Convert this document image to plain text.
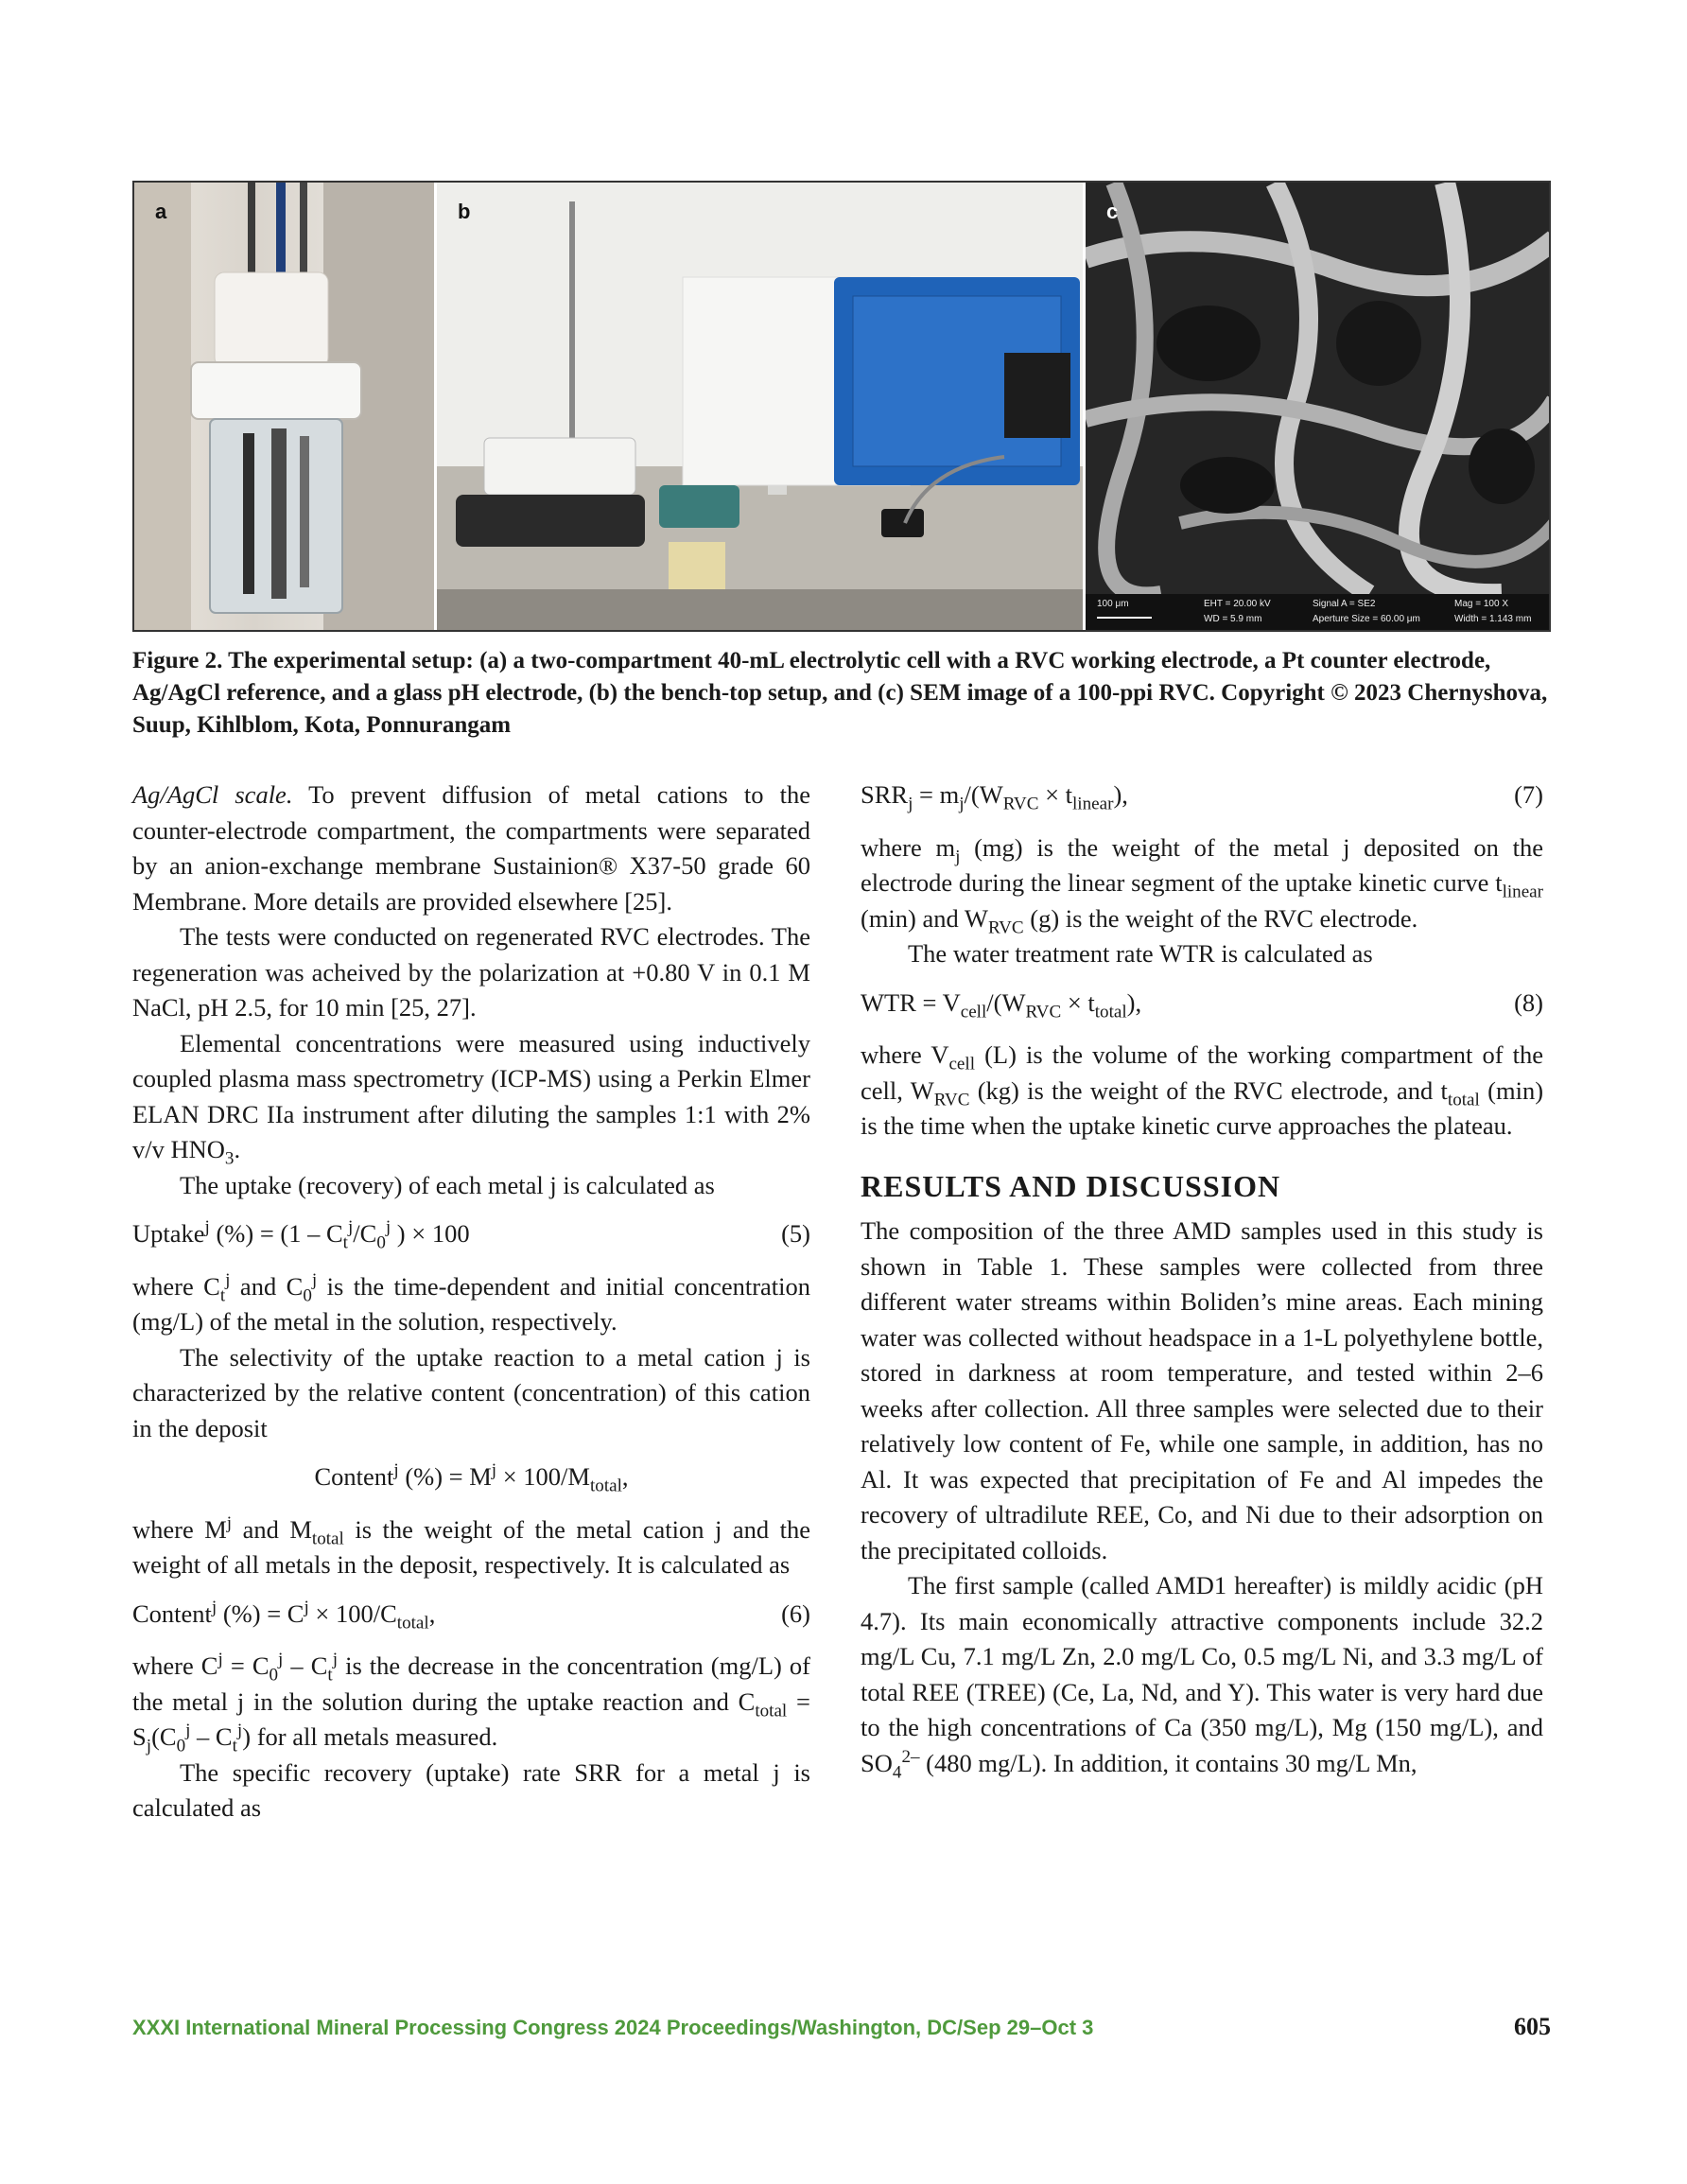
a	b	c
100 μm	EHT = 20.00 kV
WD = 5.9 mm
Signal A = SE2
Aperture Size = 60.00 μm
Mag = 100 X
Width = 1.143 mm
Figure 2. The experimental setup: (a) a two-compartment 40-mL electrolytic cell with a RVC working electrode, a Pt counter electrode, Ag/AgCl reference, and a glass pH electrode, (b) the bench-top setup, and (c) SEM image of a 100-ppi RVC. Copyright © 2023 Chernyshova, Suup, Kihlblom, Kota, Ponnurangam

Ag/AgCl scale. To prevent diffusion of metal cations to the counter-electrode compartment, the compartments were separated by an anion-exchange membrane Sustainion® X37-50 grade 60 Membrane. More details are provided elsewhere [25].

The tests were conducted on regenerated RVC electrodes. The regeneration was acheived by the polarization at +0.80 V in 0.1 M NaCl, pH 2.5, for 10 min [25, 27].

Elemental concentrations were measured using inductively coupled plasma mass spectrometry (ICP-MS) using a Perkin Elmer ELAN DRC IIa instrument after diluting the samples 1:1 with 2% v/v $HNO_3$.

The uptake (recovery) of each metal j is calculated as

Uptake$^j$ (%) = ($1 - C_t^j/C_0^j$ ) × 100	(5)

where $C_t^j$ and $C_0^j$ is the time-dependent and initial concentration (mg/L) of the metal in the solution, respectively.

The selectivity of the uptake reaction to a metal cation j is characterized by the relative content (concentration) of this cation in the deposit

Content$^j$ (%) = $M^j \times 100/M_{total}$,

where $M^j$ and $M_{total}$ is the weight of the metal cation j and the weight of all metals in the deposit, respectively. It is calculated as

Content$^j$ (%) = $C^j \times 100/C_{total}$,	(6)

where $C^j = C_0^j - C_t^j$ is the decrease in the concentration (mg/L) of the metal j in the solution during the uptake reaction and $C_{total} = S_j(C_0^j - C_t^j)$ for all metals measured.

The specific recovery (uptake) rate SRR for a metal j is calculated as

$SRR_j = m_j/(W_{RVC} \times t_{linear})$,	(7)

where $m_j$ (mg) is the weight of the metal j deposited on the electrode during the linear segment of the uptake kinetic curve $t_{linear}$ (min) and $W_{RVC}$ (g) is the weight of the RVC electrode.

The water treatment rate WTR is calculated as

WTR = $V_{cell}/(W_{RVC} \times t_{total})$,	(8)

where $V_{cell}$ (L) is the volume of the working compartment of the cell, $W_{RVC}$ (kg) is the weight of the RVC electrode, and $t_{total}$ (min) is the time when the uptake kinetic curve approaches the plateau.

RESULTS AND DISCUSSION

The composition of the three AMD samples used in this study is shown in Table 1. These samples were collected from three different water streams within Boliden’s mine areas. Each mining water was collected without headspace in a 1-L polyethylene bottle, stored in darkness at room temperature, and tested within 2–6 weeks after collection. All three samples were selected due to their relatively low content of Fe, while one sample, in addition, has no Al. It was expected that precipitation of Fe and Al impedes the recovery of ultradilute REE, Co, and Ni due to their adsorption on the precipitated colloids.

The first sample (called AMD1 hereafter) is mildly acidic (pH 4.7). Its main economically attractive components include 32.2 mg/L Cu, 7.1 mg/L Zn, 2.0 mg/L Co, 0.5 mg/L Ni, and 3.3 mg/L of total REE (TREE) (Ce, La, Nd, and Y). This water is very hard due to the high concentrations of Ca (350 mg/L), Mg (150 mg/L), and $SO_4^{2-}$ (480 mg/L). In addition, it contains 30 mg/L Mn,

XXXI International Mineral Processing Congress 2024 Proceedings/Washington, DC/Sep 29–Oct 3	605
